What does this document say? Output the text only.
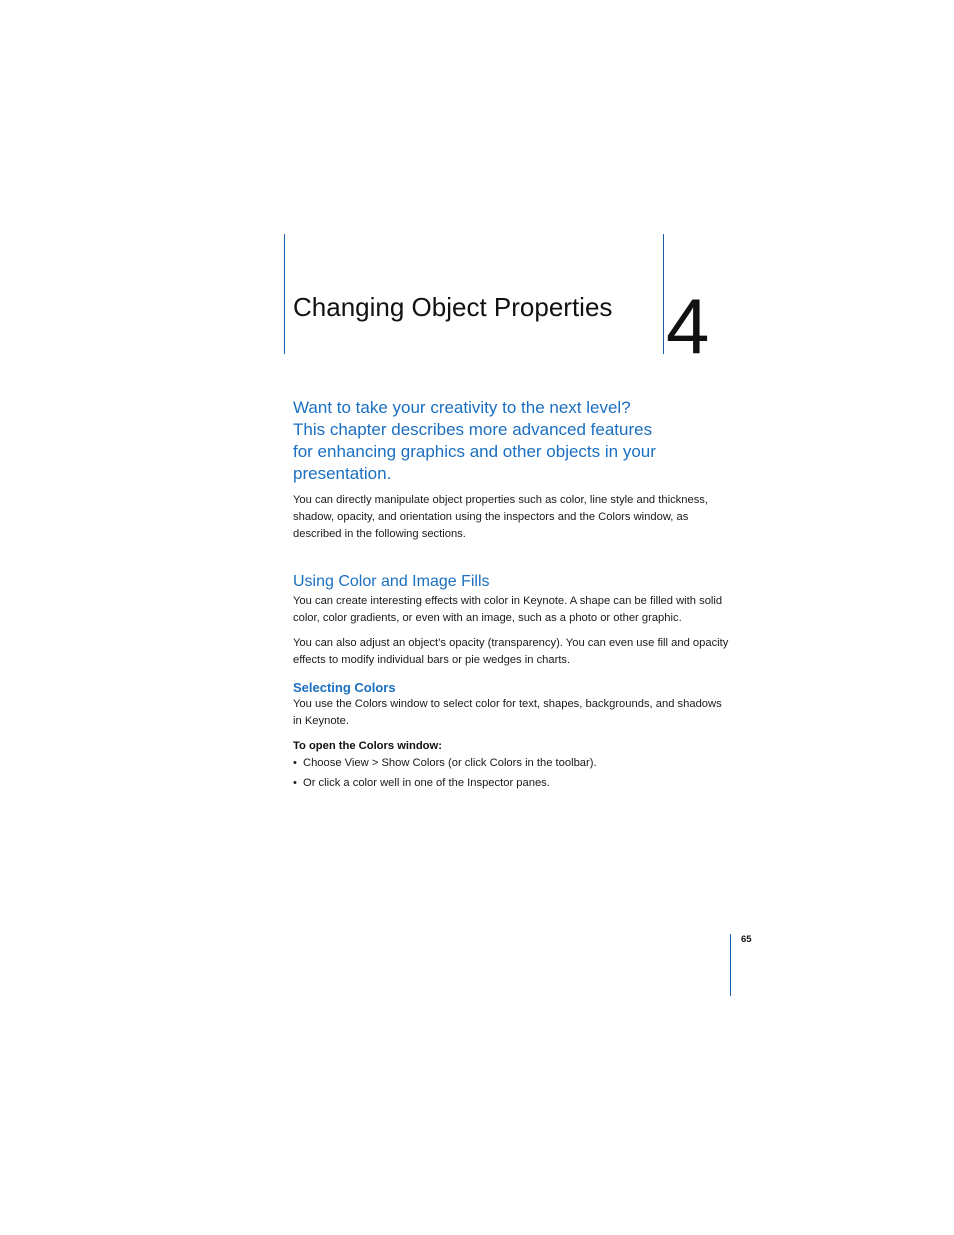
Changing Object Properties 4

Want to take your creativity to the next level?
This chapter describes more advanced features
for enhancing graphics and other objects in your
presentation.

You can directly manipulate object properties such as color, line style and thickness, shadow, opacity, and orientation using the inspectors and the Colors window, as described in the following sections.

Using Color and Image Fills

You can create interesting effects with color in Keynote. A shape can be filled with solid color, color gradients, or even with an image, such as a photo or other graphic.

You can also adjust an object’s opacity (transparency). You can even use fill and opacity effects to modify individual bars or pie wedges in charts.

Selecting Colors

You use the Colors window to select color for text, shapes, backgrounds, and shadows in Keynote.

To open the Colors window:

• Choose View > Show Colors (or click Colors in the toolbar).
• Or click a color well in one of the Inspector panes.
65
